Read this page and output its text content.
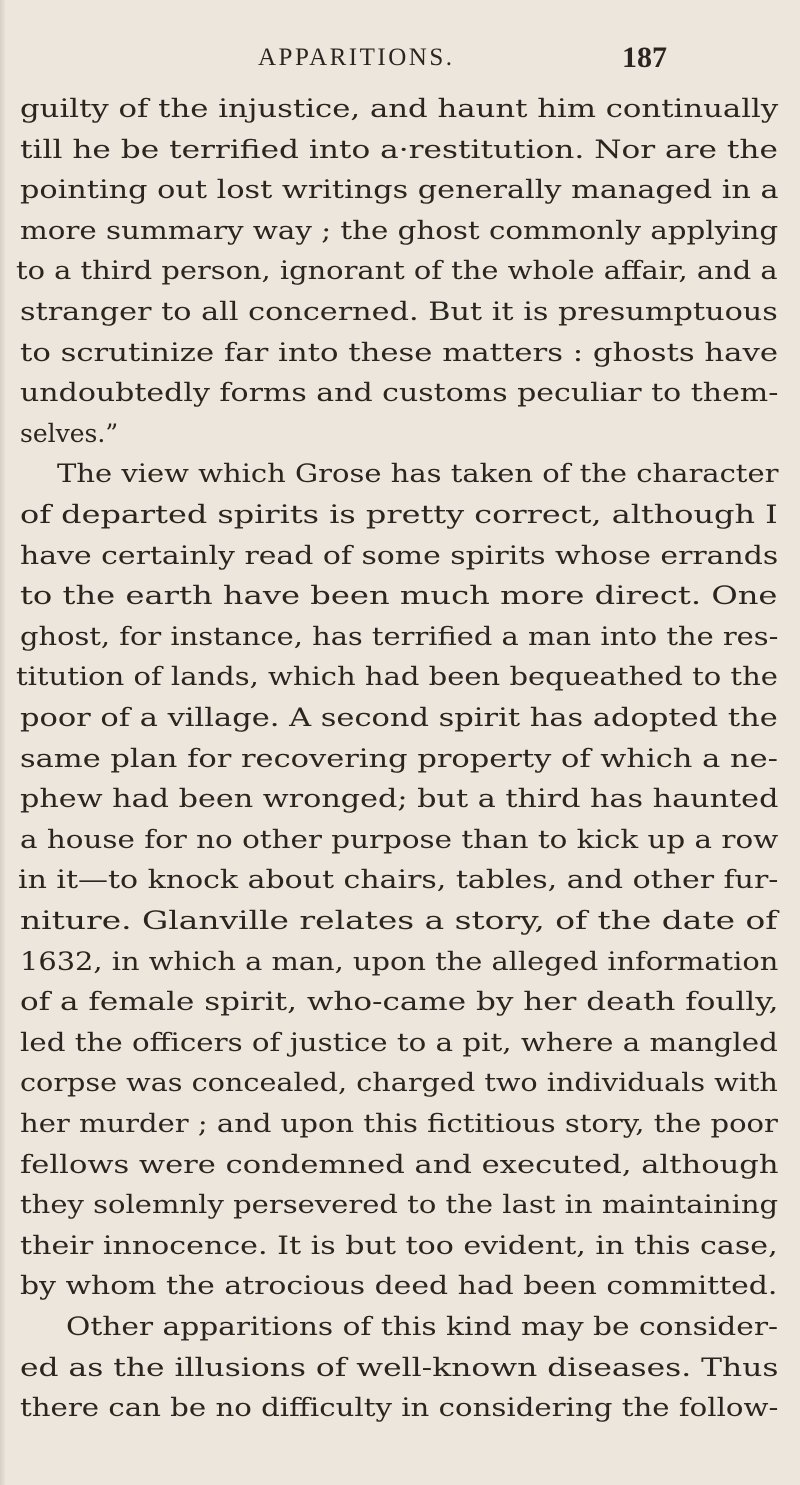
APPARITIONS.	187
guilty of the injustice, and haunt him continually
till he be terrified into a·restitution. Nor are the
pointing out lost writings generally managed in a
more summary way ; the ghost commonly applying
to a third person, ignorant of the whole affair, and a
stranger to all concerned. But it is presumptuous
to scrutinize far into these matters : ghosts have
undoubtedly forms and customs peculiar to them-
selves.”
The view which Grose has taken of the character
of departed spirits is pretty correct, although I
have certainly read of some spirits whose errands
to the earth have been much more direct. One
ghost, for instance, has terrified a man into the res-
titution of lands, which had been bequeathed to the
poor of a village. A second spirit has adopted the
same plan for recovering property of which a ne-
phew had been wronged; but a third has haunted
a house for no other purpose than to kick up a row
in it—to knock about chairs, tables, and other fur-
niture. Glanville relates a story, of the date of
1632, in which a man, upon the alleged information
of a female spirit, who-came by her death foully,
led the officers of justice to a pit, where a mangled
corpse was concealed, charged two individuals with
her murder ; and upon this fictitious story, the poor
fellows were condemned and executed, although
they solemnly persevered to the last in maintaining
their innocence. It is but too evident, in this case,
by whom the atrocious deed had been committed.
Other apparitions of this kind may be consider-
ed as the illusions of well-known diseases. Thus
there can be no difficulty in considering the follow-
